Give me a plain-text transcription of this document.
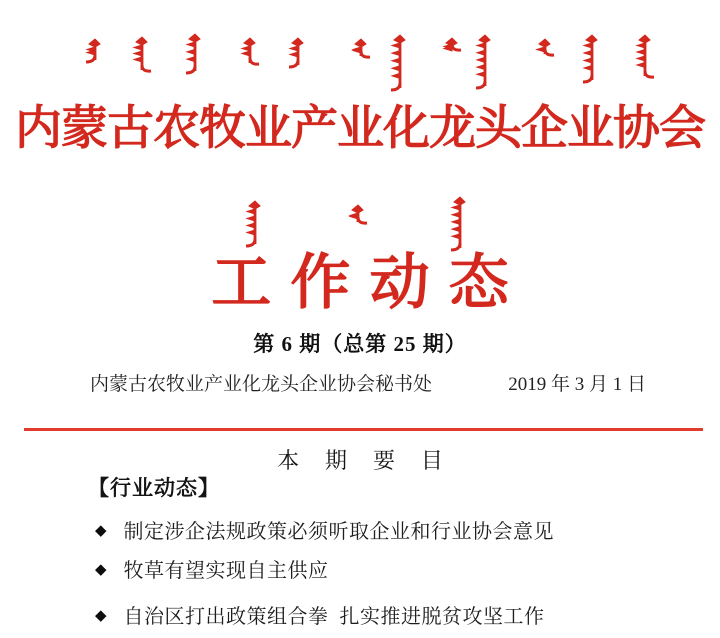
内蒙古农牧业产业化龙头企业协会
工作动态
第 6 期（总第 25 期）
内蒙古农牧业产业化龙头企业协会秘书处	2019 年 3 月 1 日
本 期 要 目
【行业动态】
◆ 制定涉企法规政策必须听取企业和行业协会意见
◆ 牧草有望实现自主供应
◆ 自治区打出政策组合拳  扎实推进脱贫攻坚工作
